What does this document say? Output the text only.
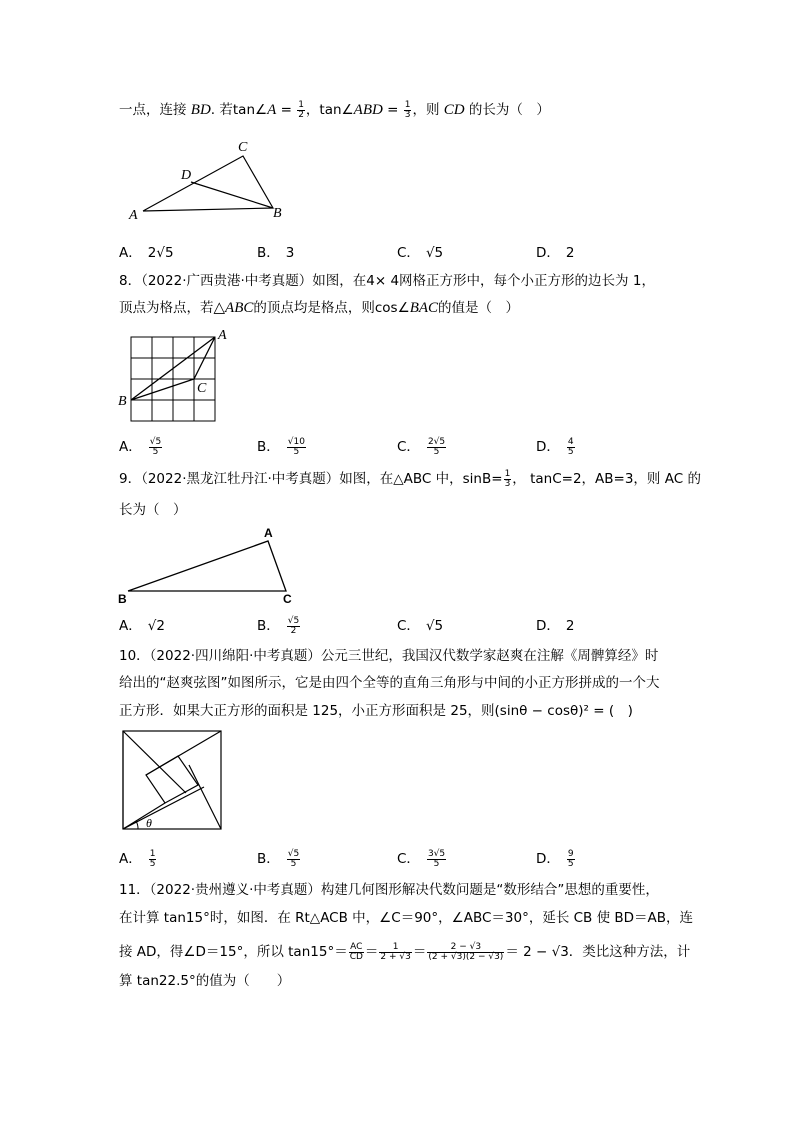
一点，连接 BD. 若tan∠A = $\frac{1}{2}$ ，tan∠ABD = $\frac{1}{3}$ ，则 CD 的长为（　）
A	B
C
D
A． 2√5	B． 3	C． √5	D． 2
8．（2022·广西贵港·中考真题）如图，在4× 4网格正方形中，每个小正方形的边长为 1，
顶点为格点，若△ABC的顶点均是格点，则cos∠BAC的值是（　）
A
B
C
A． $\frac{√5}{5}$	B． $\frac{√10}{5}$	C． $\frac{2√5}{5}$	D． $\frac{4}{5}$
9．（2022·黑龙江牡丹江·中考真题）如图，在△ABC 中，$\sin B= \frac{1}{3}$ ， tanC=2，AB=3，则 AC 的
长为（　）
A
B	C
A． √2	B． $\frac{√5}{2}$	C． √5	D． 2
10．（2022·四川绵阳·中考真题）公元三世纪，我国汉代数学家赵爽在注解《周髀算经》时
给出的“赵爽弦图”如图所示，它是由四个全等的直角三角形与中间的小正方形拼成的一个大
正方形．如果大正方形的面积是 125，小正方形面积是 25，则(sinθ − cosθ)² = (　)
θ
A． $\frac{1}{5}$	B． $\frac{√5}{5}$	C． $\frac{3√5}{5}$	D． $\frac{9}{5}$
11．（2022·贵州遵义·中考真题）构建几何图形解决代数问题是“数形结合”思想的重要性，
在计算 tan15°时，如图．在 Rt△ACB 中，∠C＝90°，∠ABC＝30°，延长 CB 使 BD＝AB，连
接 AD，得∠D＝15°，所以 $\tan 15^\circ= \frac{AC}{CD} = \frac{1}{2 + √3} = \frac{2 - √3}{(2 + √3)(2 - √3)} = 2 - √3$．类比这种方法，计
算 tan22.5°的值为（　　）
